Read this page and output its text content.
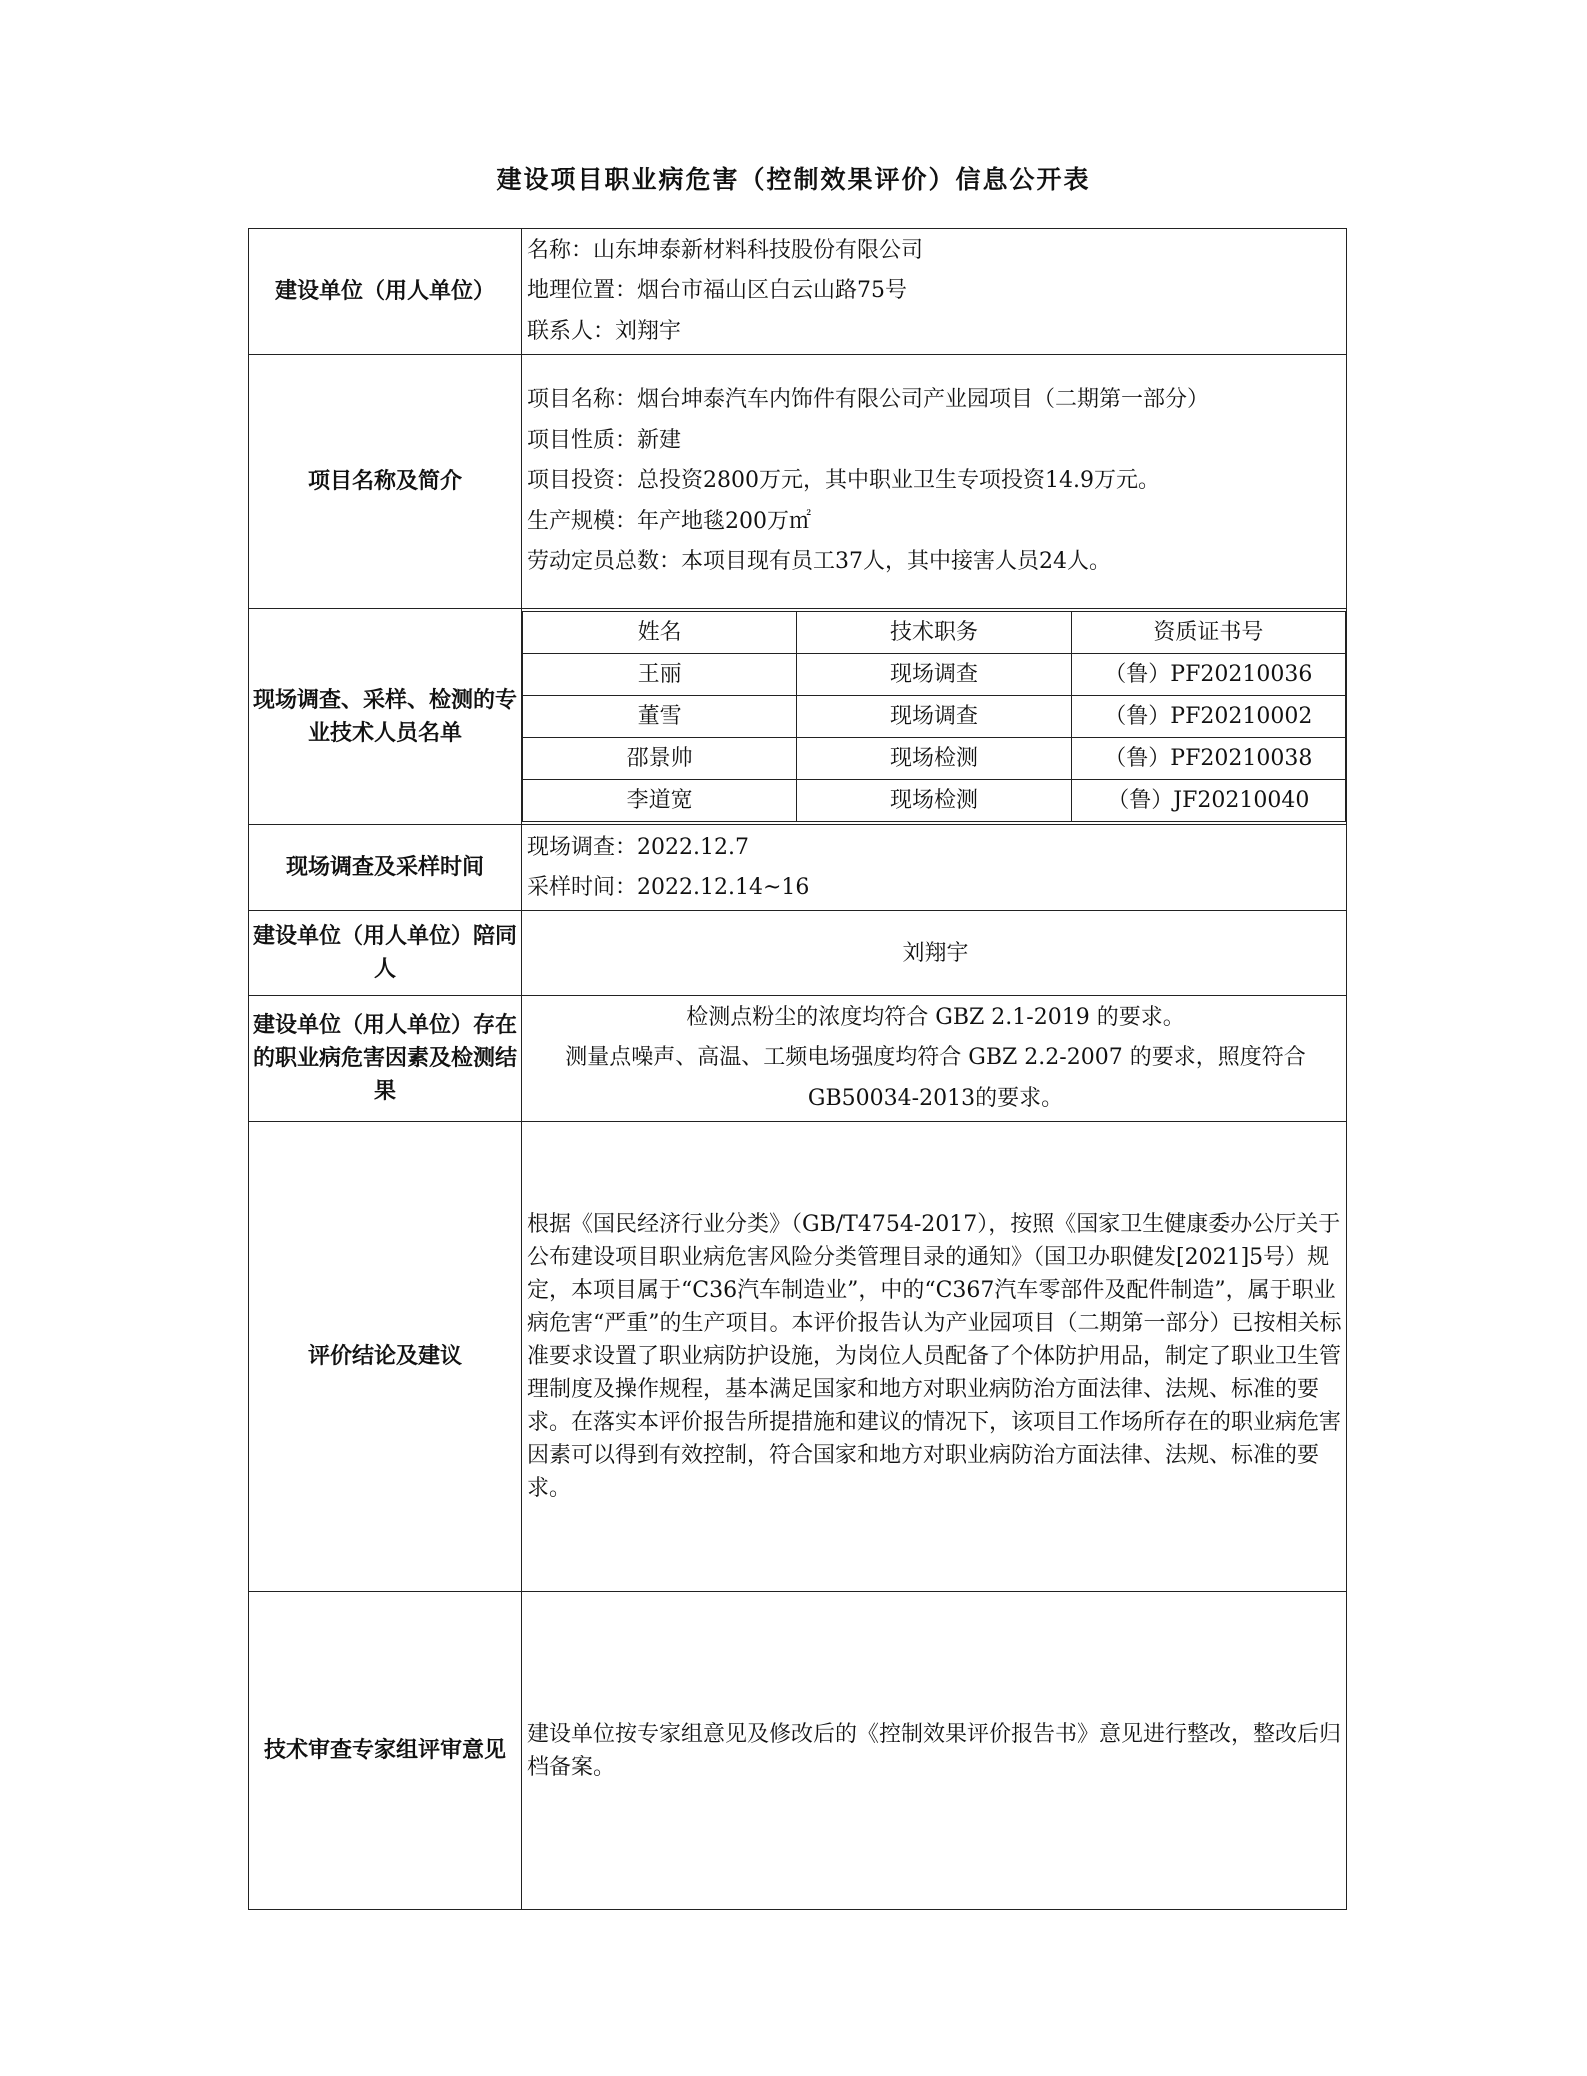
建设项目职业病危害（控制效果评价）信息公开表
建设单位（用人单位）	
名称：山东坤泰新材料科技股份有限公司
地理位置：烟台市福山区白云山路75号
联系人：刘翔宇

项目名称及简介	
项目名称：烟台坤泰汽车内饰件有限公司产业园项目（二期第一部分）
项目性质：新建
项目投资：总投资2800万元，其中职业卫生专项投资14.9万元。
生产规模：年产地毯200万㎡
劳动定员总数：本项目现有员工37人，其中接害人员24人。

现场调查、采样、检测的专业技术人员名单	
姓名	技术职务	资质证书号
王丽	现场调查	（鲁）PF20210036
董雪	现场调查	（鲁）PF20210002
邵景帅	现场检测	（鲁）PF20210038
李道宽	现场检测	（鲁）JF20210040

现场调查及采样时间	
现场调查：2022.12.7
采样时间：2022.12.14~16

建设单位（用人单位）陪同人	刘翔宇
建设单位（用人单位）存在的职业病危害因素及检测结果	
检测点粉尘的浓度均符合 GBZ 2.1-2019 的要求。
测量点噪声、高温、工频电场强度均符合 GBZ 2.2-2007 的要求，照度符合GB50034-2013的要求。

评价结论及建议	根据《国民经济行业分类》（GB/T4754-2017），按照《国家卫生健康委办公厅关于公布建设项目职业病危害风险分类管理目录的通知》（国卫办职健发[2021]5号）规定，本项目属于“C36汽车制造业”，中的“C367汽车零部件及配件制造”，属于职业病危害“严重”的生产项目。本评价报告认为产业园项目（二期第一部分）已按相关标准要求设置了职业病防护设施，为岗位人员配备了个体防护用品，制定了职业卫生管理制度及操作规程，基本满足国家和地方对职业病防治方面法律、法规、标准的要求。在落实本评价报告所提措施和建议的情况下，该项目工作场所存在的职业病危害因素可以得到有效控制，符合国家和地方对职业病防治方面法律、法规、标准的要求。
技术审查专家组评审意见	建设单位按专家组意见及修改后的《控制效果评价报告书》意见进行整改，整改后归档备案。
